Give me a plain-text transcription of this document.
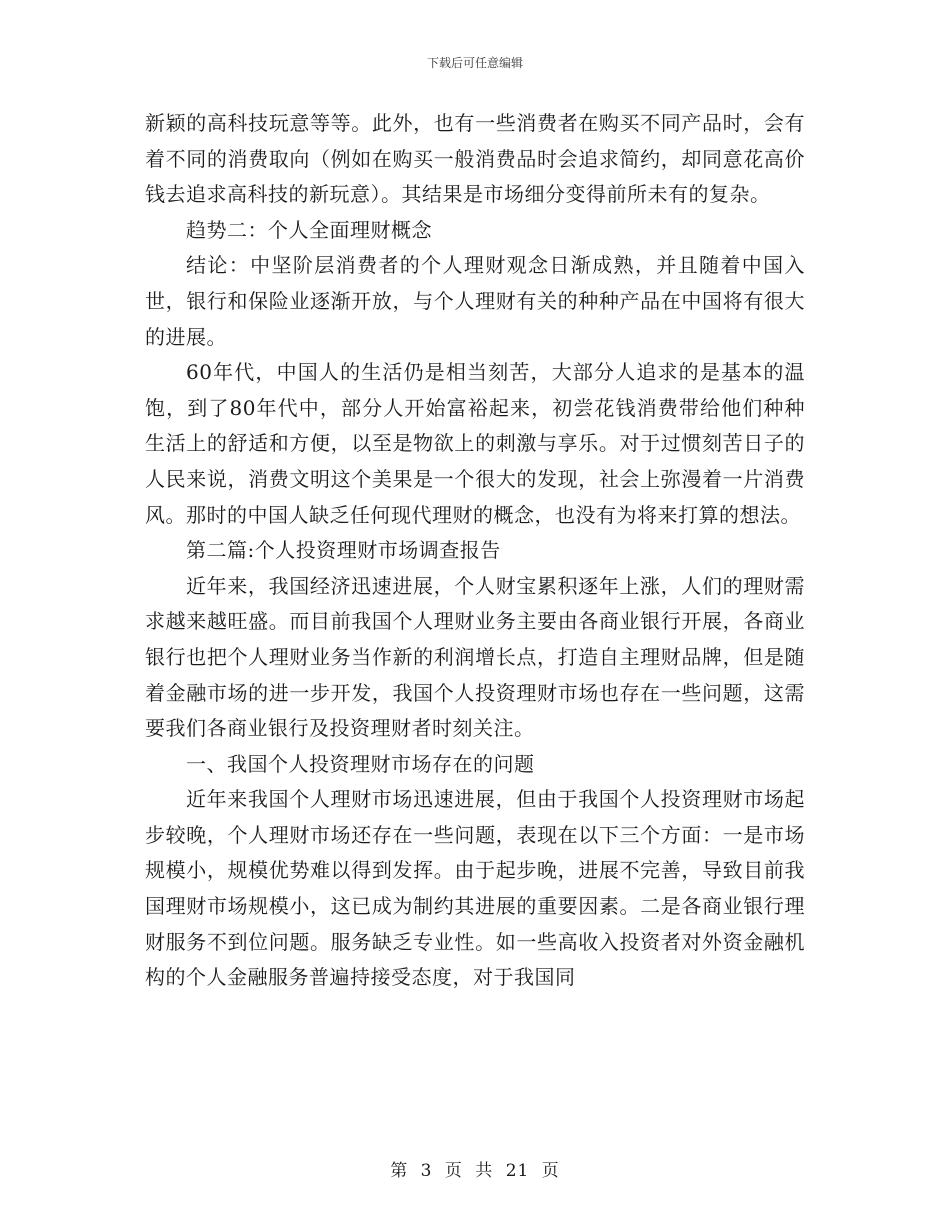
下载后可任意编辑

新颖的高科技玩意等等。此外，也有一些消费者在购买不同产品时，会有着不同的消费取向（例如在购买一般消费品时会追求简约，却同意花高价钱去追求高科技的新玩意）。其结果是市场细分变得前所未有的复杂。

趋势二：个人全面理财概念

结论：中坚阶层消费者的个人理财观念日渐成熟，并且随着中国入世，银行和保险业逐渐开放，与个人理财有关的种种产品在中国将有很大的进展。

60年代，中国人的生活仍是相当刻苦，大部分人追求的是基本的温饱，到了80年代中，部分人开始富裕起来，初尝花钱消费带给他们种种生活上的舒适和方便，以至是物欲上的刺激与享乐。对于过惯刻苦日子的人民来说，消费文明这个美果是一个很大的发现，社会上弥漫着一片消费风。那时的中国人缺乏任何现代理财的概念，也没有为将来打算的想法。

第二篇:个人投资理财市场调查报告

近年来，我国经济迅速进展，个人财宝累积逐年上涨，人们的理财需求越来越旺盛。而目前我国个人理财业务主要由各商业银行开展，各商业银行也把个人理财业务当作新的利润增长点，打造自主理财品牌，但是随着金融市场的进一步开发，我国个人投资理财市场也存在一些问题，这需要我们各商业银行及投资理财者时刻关注。

一、我国个人投资理财市场存在的问题

近年来我国个人理财市场迅速进展，但由于我国个人投资理财市场起步较晚，个人理财市场还存在一些问题，表现在以下三个方面：一是市场规模小，规模优势难以得到发挥。由于起步晚，进展不完善，导致目前我国理财市场规模小，这已成为制约其进展的重要因素。二是各商业银行理财服务不到位问题。服务缺乏专业性。如一些高收入投资者对外资金融机构的个人金融服务普遍持接受态度，对于我国同

第 3 页 共 21 页
